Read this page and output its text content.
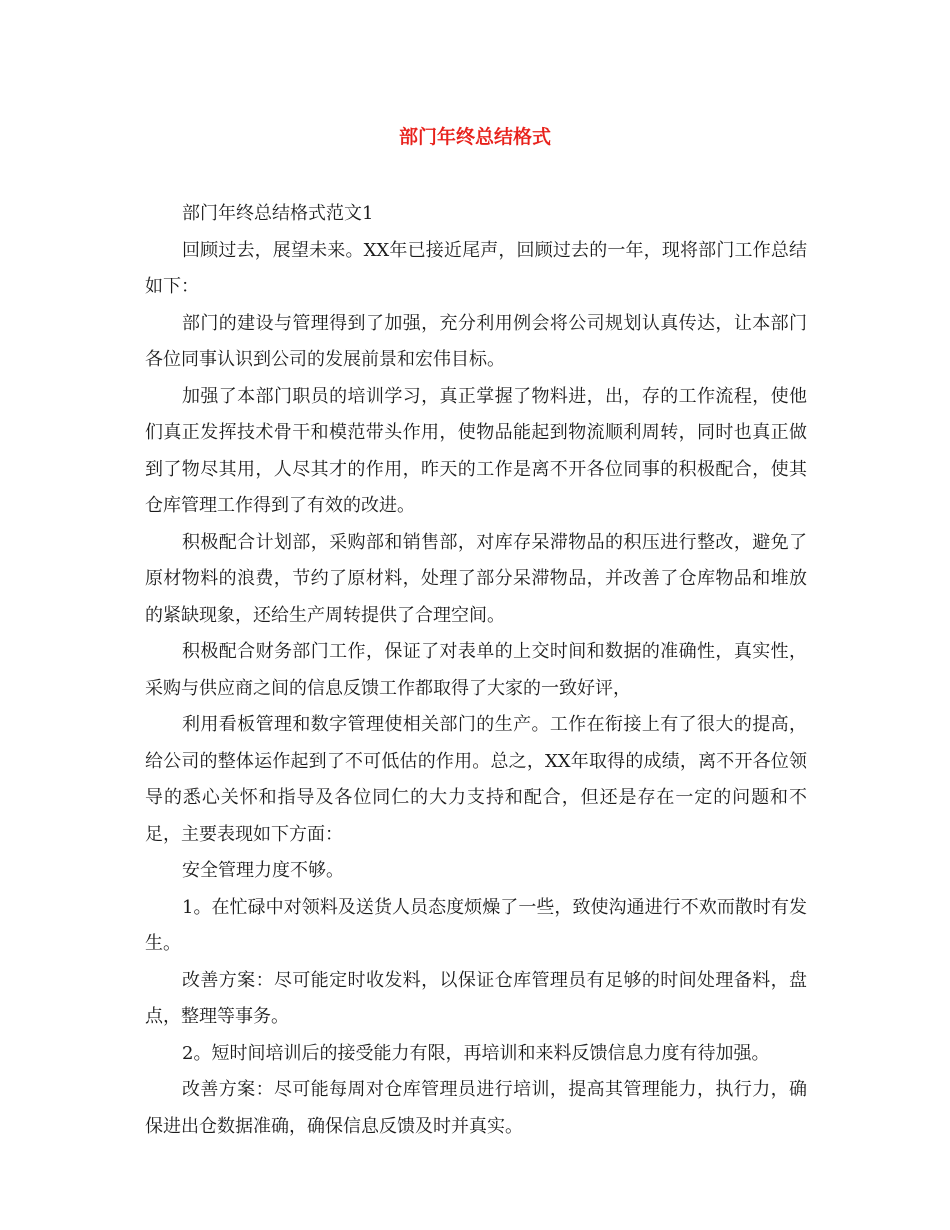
部门年终总结格式

部门年终总结格式范文1

回顾过去，展望未来。XX年已接近尾声，回顾过去的一年，现将部门工作总结如下：

部门的建设与管理得到了加强，充分利用例会将公司规划认真传达，让本部门各位同事认识到公司的发展前景和宏伟目标。

加强了本部门职员的培训学习，真正掌握了物料进，出，存的工作流程，使他们真正发挥技术骨干和模范带头作用，使物品能起到物流顺利周转，同时也真正做到了物尽其用，人尽其才的作用，昨天的工作是离不开各位同事的积极配合，使其仓库管理工作得到了有效的改进。

积极配合计划部，采购部和销售部，对库存呆滞物品的积压进行整改，避免了原材物料的浪费，节约了原材料，处理了部分呆滞物品，并改善了仓库物品和堆放的紧缺现象，还给生产周转提供了合理空间。

积极配合财务部门工作，保证了对表单的上交时间和数据的准确性，真实性，采购与供应商之间的信息反馈工作都取得了大家的一致好评，

利用看板管理和数字管理使相关部门的生产。工作在衔接上有了很大的提高，给公司的整体运作起到了不可低估的作用。总之，XX年取得的成绩，离不开各位领导的悉心关怀和指导及各位同仁的大力支持和配合，但还是存在一定的问题和不足，主要表现如下方面：

安全管理力度不够。

1。在忙碌中对领料及送货人员态度烦燥了一些，致使沟通进行不欢而散时有发生。

改善方案：尽可能定时收发料，以保证仓库管理员有足够的时间处理备料，盘点，整理等事务。

2。短时间培训后的接受能力有限，再培训和来料反馈信息力度有待加强。

改善方案：尽可能每周对仓库管理员进行培训，提高其管理能力，执行力，确保进出仓数据准确，确保信息反馈及时并真实。
